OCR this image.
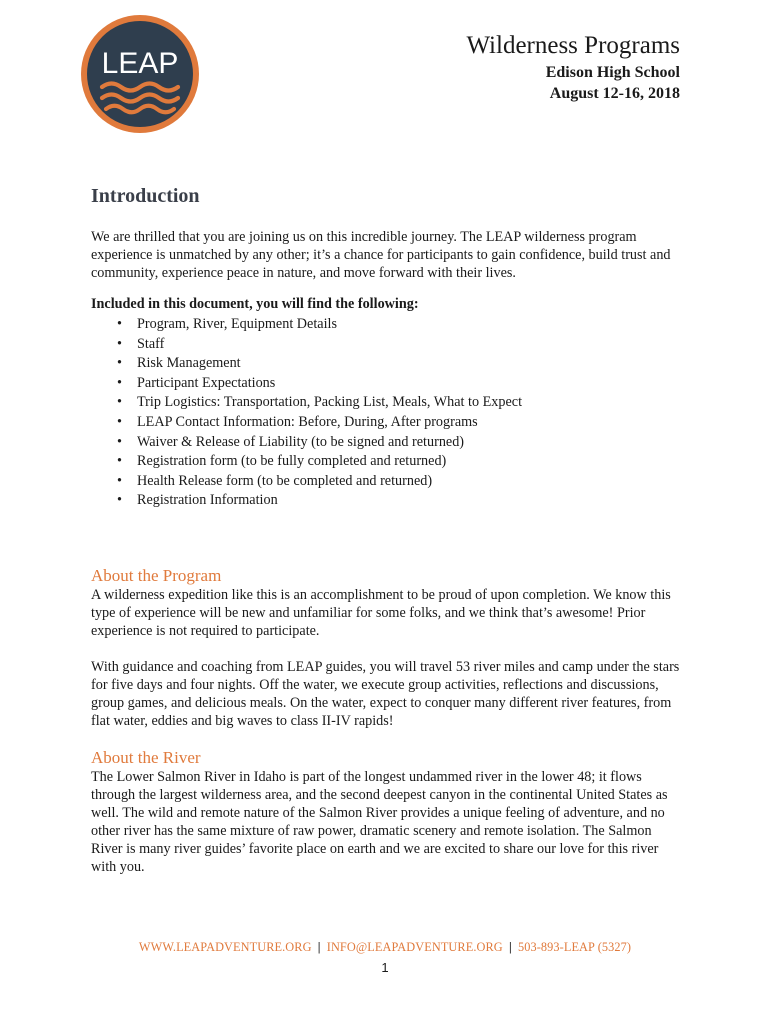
LEAP
Wilderness Programs
Edison High School
August 12-16, 2018
Introduction

We are thrilled that you are joining us on this incredible journey. The LEAP wilderness program experience is unmatched by any other; it’s a chance for participants to gain confidence, build trust and community, experience peace in nature, and move forward with their lives.

Included in this document, you will find the following:
• Program, River, Equipment Details
• Staff
• Risk Management
• Participant Expectations
• Trip Logistics: Transportation, Packing List, Meals, What to Expect
• LEAP Contact Information: Before, During, After programs
• Waiver & Release of Liability (to be signed and returned)
• Registration form (to be fully completed and returned)
• Health Release form (to be completed and returned)
• Registration Information
About the Program

A wilderness expedition like this is an accomplishment to be proud of upon completion. We know this type of experience will be new and unfamiliar for some folks, and we think that’s awesome! Prior experience is not required to participate.

With guidance and coaching from LEAP guides, you will travel 53 river miles and camp under the stars for five days and four nights. Off the water, we execute group activities, reflections and discussions, group games, and delicious meals. On the water, expect to conquer many different river features, from flat water, eddies and big waves to class II-IV rapids!

About the River

The Lower Salmon River in Idaho is part of the longest undammed river in the lower 48; it flows through the largest wilderness area, and the second deepest canyon in the continental United States as well. The wild and remote nature of the Salmon River provides a unique feeling of adventure, and no other river has the same mixture of raw power, dramatic scenery and remote isolation. The Salmon River is many river guides’ favorite place on earth and we are excited to share our love for this river with you.

WWW.LEAPADVENTURE.ORG | INFO@LEAPADVENTURE.ORG | 503-893-LEAP (5327)
1
